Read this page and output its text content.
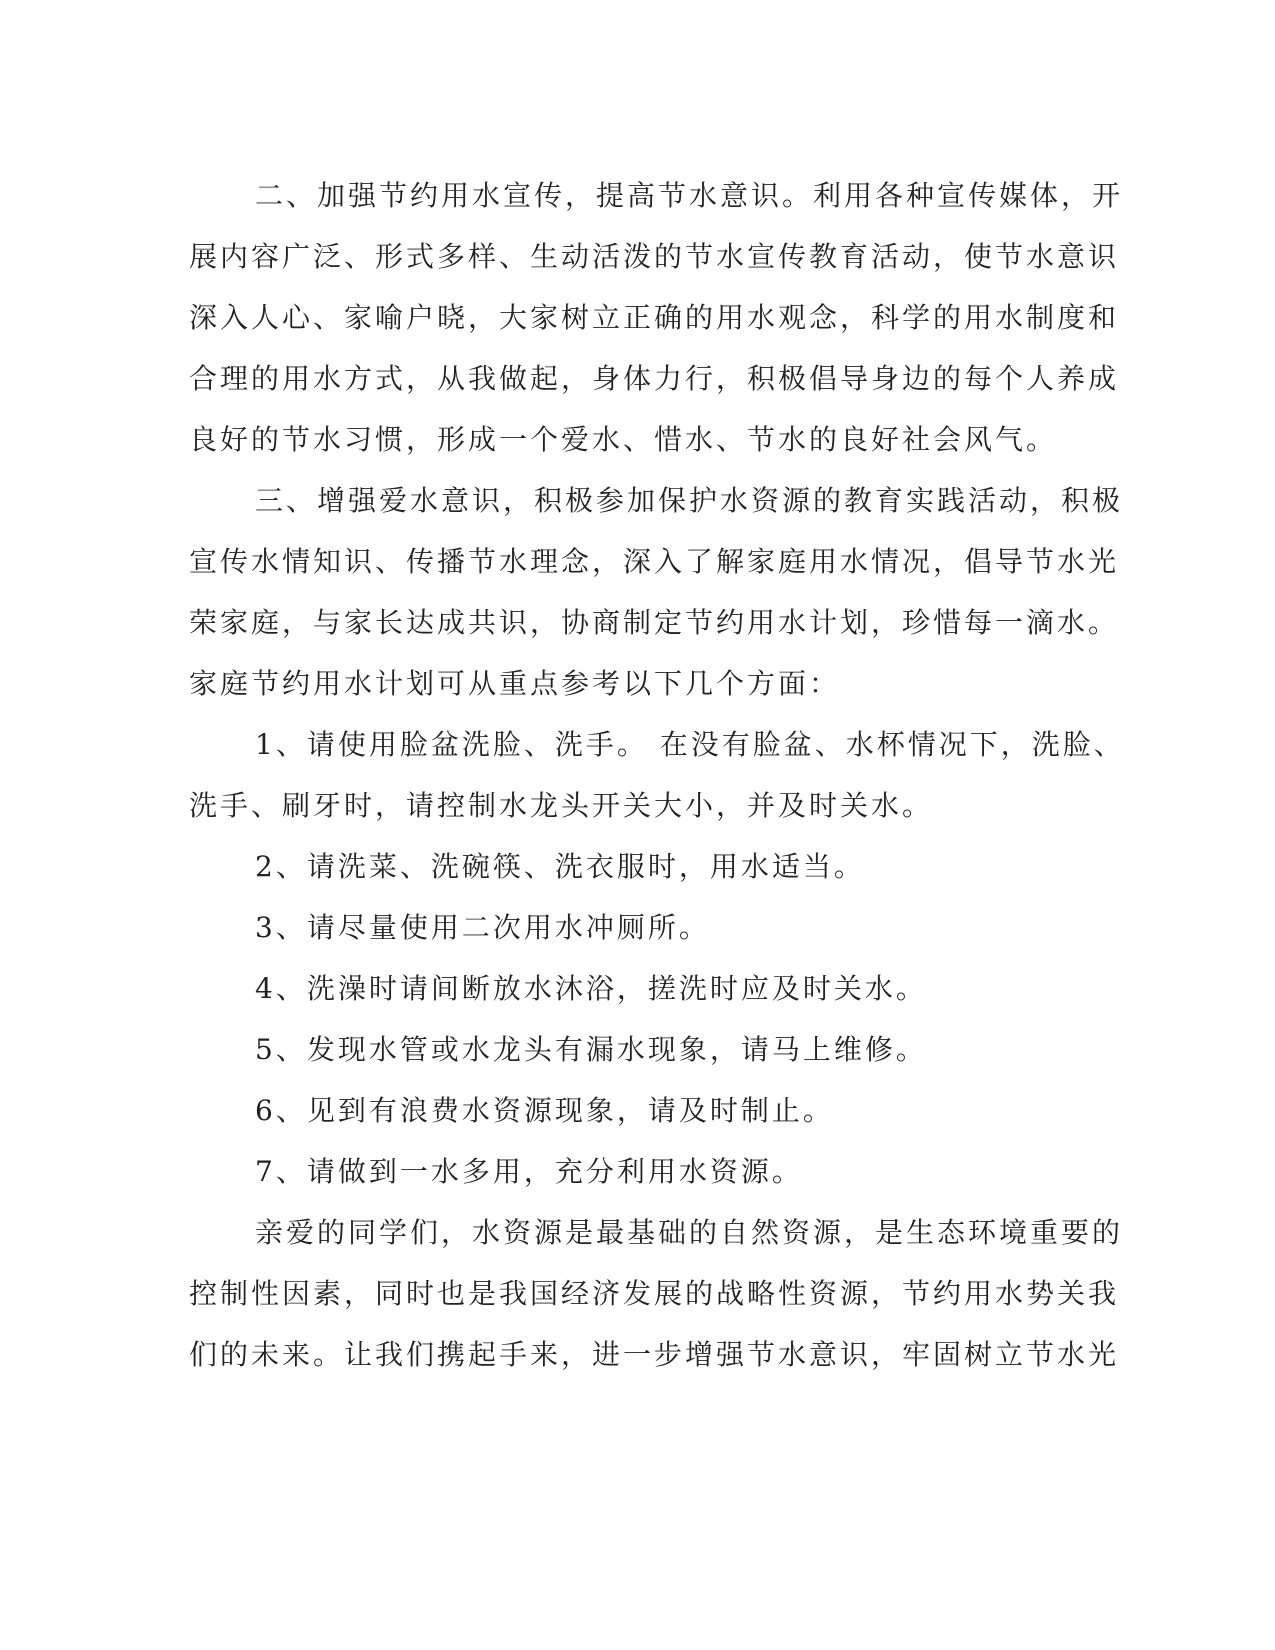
二、加强节约用水宣传，提高节水意识。利用各种宣传媒体，开
展内容广泛、形式多样、生动活泼的节水宣传教育活动，使节水意识
深入人心、家喻户晓，大家树立正确的用水观念，科学的用水制度和
合理的用水方式，从我做起，身体力行，积极倡导身边的每个人养成
良好的节水习惯，形成一个爱水、惜水、节水的良好社会风气。
三、增强爱水意识，积极参加保护水资源的教育实践活动，积极
宣传水情知识、传播节水理念，深入了解家庭用水情况，倡导节水光
荣家庭，与家长达成共识，协商制定节约用水计划，珍惜每一滴水。
家庭节约用水计划可从重点参考以下几个方面：
1、请使用脸盆洗脸、洗手。 在没有脸盆、水杯情况下，洗脸、
洗手、刷牙时，请控制水龙头开关大小，并及时关水。
2、请洗菜、洗碗筷、洗衣服时，用水适当。
3、请尽量使用二次用水冲厕所。
4、洗澡时请间断放水沐浴，搓洗时应及时关水。
5、发现水管或水龙头有漏水现象，请马上维修。
6、见到有浪费水资源现象，请及时制止。
7、请做到一水多用，充分利用水资源。
亲爱的同学们，水资源是最基础的自然资源，是生态环境重要的
控制性因素，同时也是我国经济发展的战略性资源，节约用水势关我
们的未来。让我们携起手来，进一步增强节水意识，牢固树立节水光
